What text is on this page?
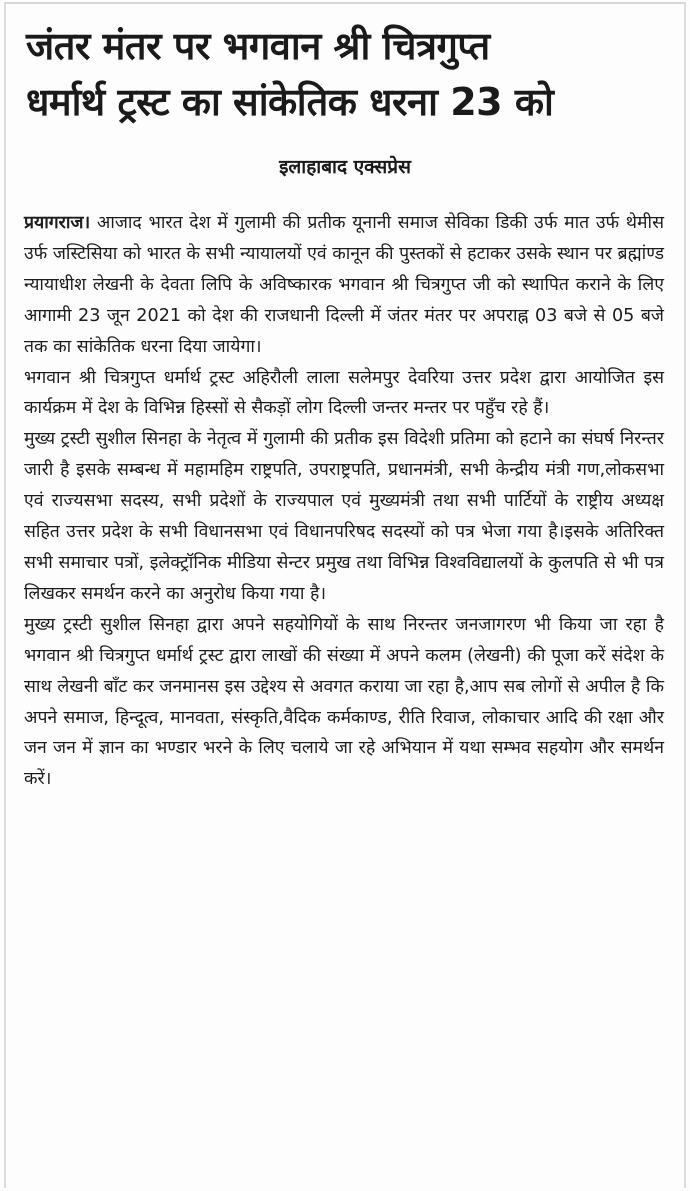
जंतर मंतर पर भगवान श्री चित्रगुप्त
धर्मार्थ ट्रस्ट का सांकेतिक धरना 23 को
इलाहाबाद एक्सप्रेस

प्रयागराज। आजाद भारत देश में गुलामी की प्रतीक यूनानी समाज सेविका डिकी उर्फ मात उर्फ थेमीस उर्फ जस्टिसिया को भारत के सभी न्यायालयों एवं कानून की पुस्तकों से हटाकर उसके स्थान पर ब्रह्मांण्ड न्यायाधीश लेखनी के देवता लिपि के अविष्कारक भगवान श्री चित्रगुप्त जी को स्थापित कराने के लिए आगामी 23 जून 2021 को देश की राजधानी दिल्ली में जंतर मंतर पर अपराह्न 03 बजे से 05 बजे तक का सांकेतिक धरना दिया जायेगा।

भगवान श्री चित्रगुप्त धर्मार्थ ट्रस्ट अहिरौली लाला सलेमपुर देवरिया उत्तर प्रदेश द्वारा आयोजित इस कार्यक्रम में देश के विभिन्न हिस्सों से सैकड़ों लोग दिल्ली जन्तर मन्तर पर पहुँच रहे हैं।

मुख्य ट्रस्टी सुशील सिनहा के नेतृत्व में गुलामी की प्रतीक इस विदेशी प्रतिमा को हटाने का संघर्ष निरन्तर जारी है इसके सम्बन्ध में महामहिम राष्ट्रपति, उपराष्ट्रपति, प्रधानमंत्री, सभी केन्द्रीय मंत्री गण,लोकसभा एवं राज्यसभा सदस्य, सभी प्रदेशों के राज्यपाल एवं मुख्यमंत्री तथा सभी पार्टियों के राष्ट्रीय अध्यक्ष सहित उत्तर प्रदेश के सभी विधानसभा एवं विधानपरिषद सदस्यों को पत्र भेजा गया है।इसके अतिरिक्त सभी समाचार पत्रों, इलेक्ट्रॉनिक मीडिया सेन्टर प्रमुख तथा विभिन्न विश्वविद्यालयों के कुलपति से भी पत्र लिखकर समर्थन करने का अनुरोध किया गया है।

मुख्य ट्रस्टी सुशील सिनहा द्वारा अपने सहयोगियों के साथ निरन्तर जनजागरण भी किया जा रहा है भगवान श्री चित्रगुप्त धर्मार्थ ट्रस्ट द्वारा लाखों की संख्या में अपने कलम (लेखनी) की पूजा करें संदेश के साथ लेखनी बाँट कर जनमानस इस उद्देश्य से अवगत कराया जा रहा है,आप सब लोगों से अपील है कि अपने समाज, हिन्दूत्व, मानवता, संस्कृति,वैदिक कर्मकाण्ड, रीति रिवाज, लोकाचार आदि की रक्षा और जन जन में ज्ञान का भण्डार भरने के लिए चलाये जा रहे अभियान में यथा सम्भव सहयोग और समर्थन करें।
